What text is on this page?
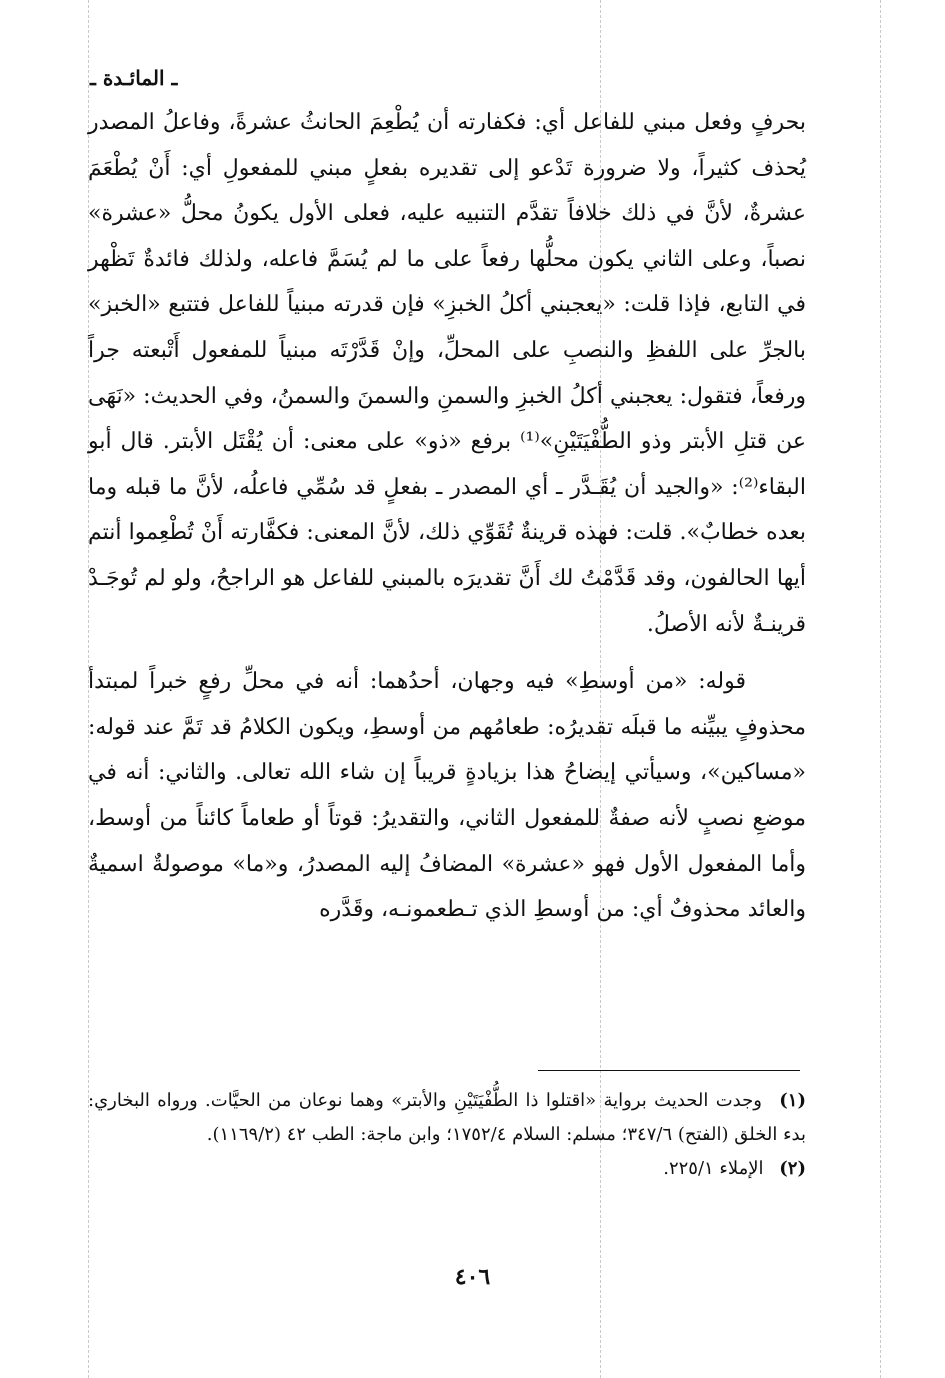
ـ المائـدة ـ

بحرفٍ وفعل مبني للفاعل أي: فكفارته أن يُطْعِمَ الحانثُ عشرةً، وفاعلُ المصدر يُحذف كثيراً، ولا ضرورة تَدْعو إلى تقديره بفعلٍ مبني للمفعولِ أي: أَنْ يُطْعَمَ عشرةٌ، لأنَّ في ذلك خلافاً تقدَّم التنبيه عليه، فعلى الأول يكونُ محلُّ «عشرة» نصباً، وعلى الثاني يكون محلُّها رفعاً على ما لم يُسَمَّ فاعله، ولذلك فائدةٌ تَظْهر في التابع، فإذا قلت: «يعجبني أكلُ الخبزِ» فإن قدرته مبنياً للفاعل فتتبع «الخبز» بالجرِّ على اللفظِ والنصبِ على المحلِّ، وإنْ قَدَّرْتَه مبنياً للمفعول أَتْبعته جراً ورفعاً، فتقول: يعجبني أكلُ الخبزِ والسمنِ والسمنَ والسمنُ، وفي الحديث: «نَهَى عن قتلِ الأبتر وذو الطُّفْيَتَيْنِ»⁽¹⁾ برفع «ذو» على معنى: أن يُقْتَل الأبتر. قال أبو البقاء⁽²⁾: «والجيد أن يُقَـدَّر ـ أي المصدر ـ بفعلٍ قد سُمِّي فاعلُه، لأنَّ ما قبله وما بعده خطابٌ». قلت: فهذه قرينةٌ تُقَوِّي ذلك، لأنَّ المعنى: فكفَّارته أَنْ تُطْعِموا أنتم أيها الحالفون، وقد قَدَّمْتُ لك أَنَّ تقديرَه بالمبني للفاعل هو الراجحُ، ولو لم تُوجَـدْ قرينـةٌ لأنه الأصلُ.

قوله: «من أوسطِ» فيه وجهان، أحدُهما: أنه في محلِّ رفعٍ خبراً لمبتدأ محذوفٍ يبيِّنه ما قبلَه تقديرُه: طعامُهم من أوسطِ، ويكون الكلامُ قد تَمَّ عند قوله: «مساكين»، وسيأتي إيضاحُ هذا بزيادةٍ قريباً إن شاء الله تعالى. والثاني: أنه في موضعِ نصبٍ لأنه صفةٌ للمفعول الثاني، والتقديرُ: قوتاً أو طعاماً كائناً من أوسط، وأما المفعول الأول فهو «عشرة» المضافُ إليه المصدرُ، و«ما» موصولةٌ اسميةٌ والعائد محذوفٌ أي: من أوسطِ الذي تـطعمونـه، وقَدَّره

(١) وجدت الحديث برواية «اقتلوا ذا الطُّفْيَتَيْنِ والأبتر» وهما نوعان من الحيَّات. ورواه البخاري: بدء الخلق (الفتح) ٣٤٧/٦؛ مسلم: السلام ١٧٥٢/٤؛ وابن ماجة: الطب ٤٢ (١١٦٩/٢).

(٢) الإملاء ٢٢٥/١.

٤٠٦
